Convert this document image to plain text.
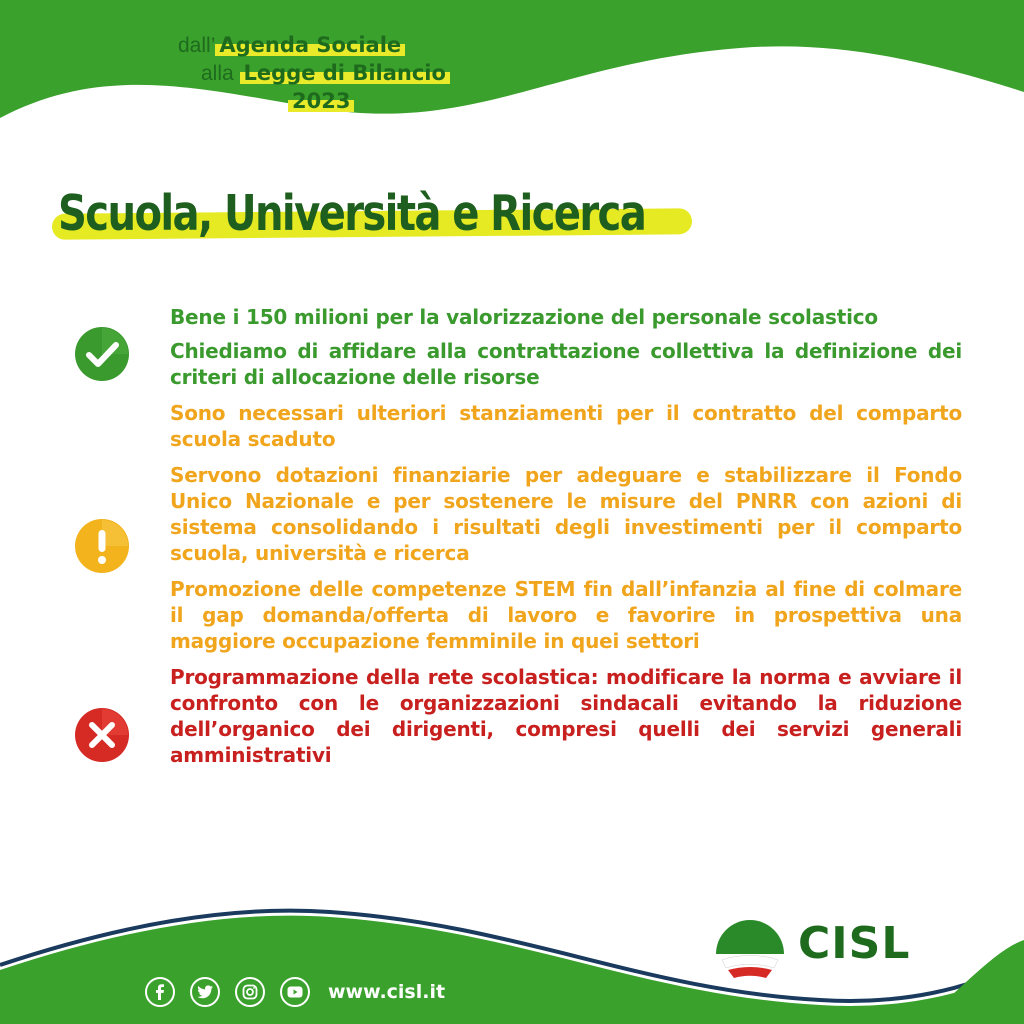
dall’ Agenda Sociale
alla Legge di Bilancio
2023
Scuola, Università e Ricerca

Bene i 150 milioni per la valorizzazione del personale scolastico

Chiediamo di affidare alla contrattazione collettiva la definizione dei criteri di allocazione delle risorse

Sono necessari ulteriori stanziamenti per il contratto del comparto scuola scaduto

Servono dotazioni finanziarie per adeguare e stabilizzare il Fondo Unico Nazionale e per sostenere le misure del PNRR con azioni di sistema consolidando i risultati degli investimenti per il comparto scuola, università e ricerca

Promozione delle competenze STEM fin dall’infanzia al fine di colmare il gap domanda/offerta di lavoro e favorire in prospettiva una maggiore occupazione femminile in quei settori

Programmazione della rete scolastica: modificare la norma e avviare il confronto con le organizzazioni sindacali evitando la riduzione dell’organico dei dirigenti, compresi quelli dei servizi generali amministrativi

CISL
www.cisl.it
